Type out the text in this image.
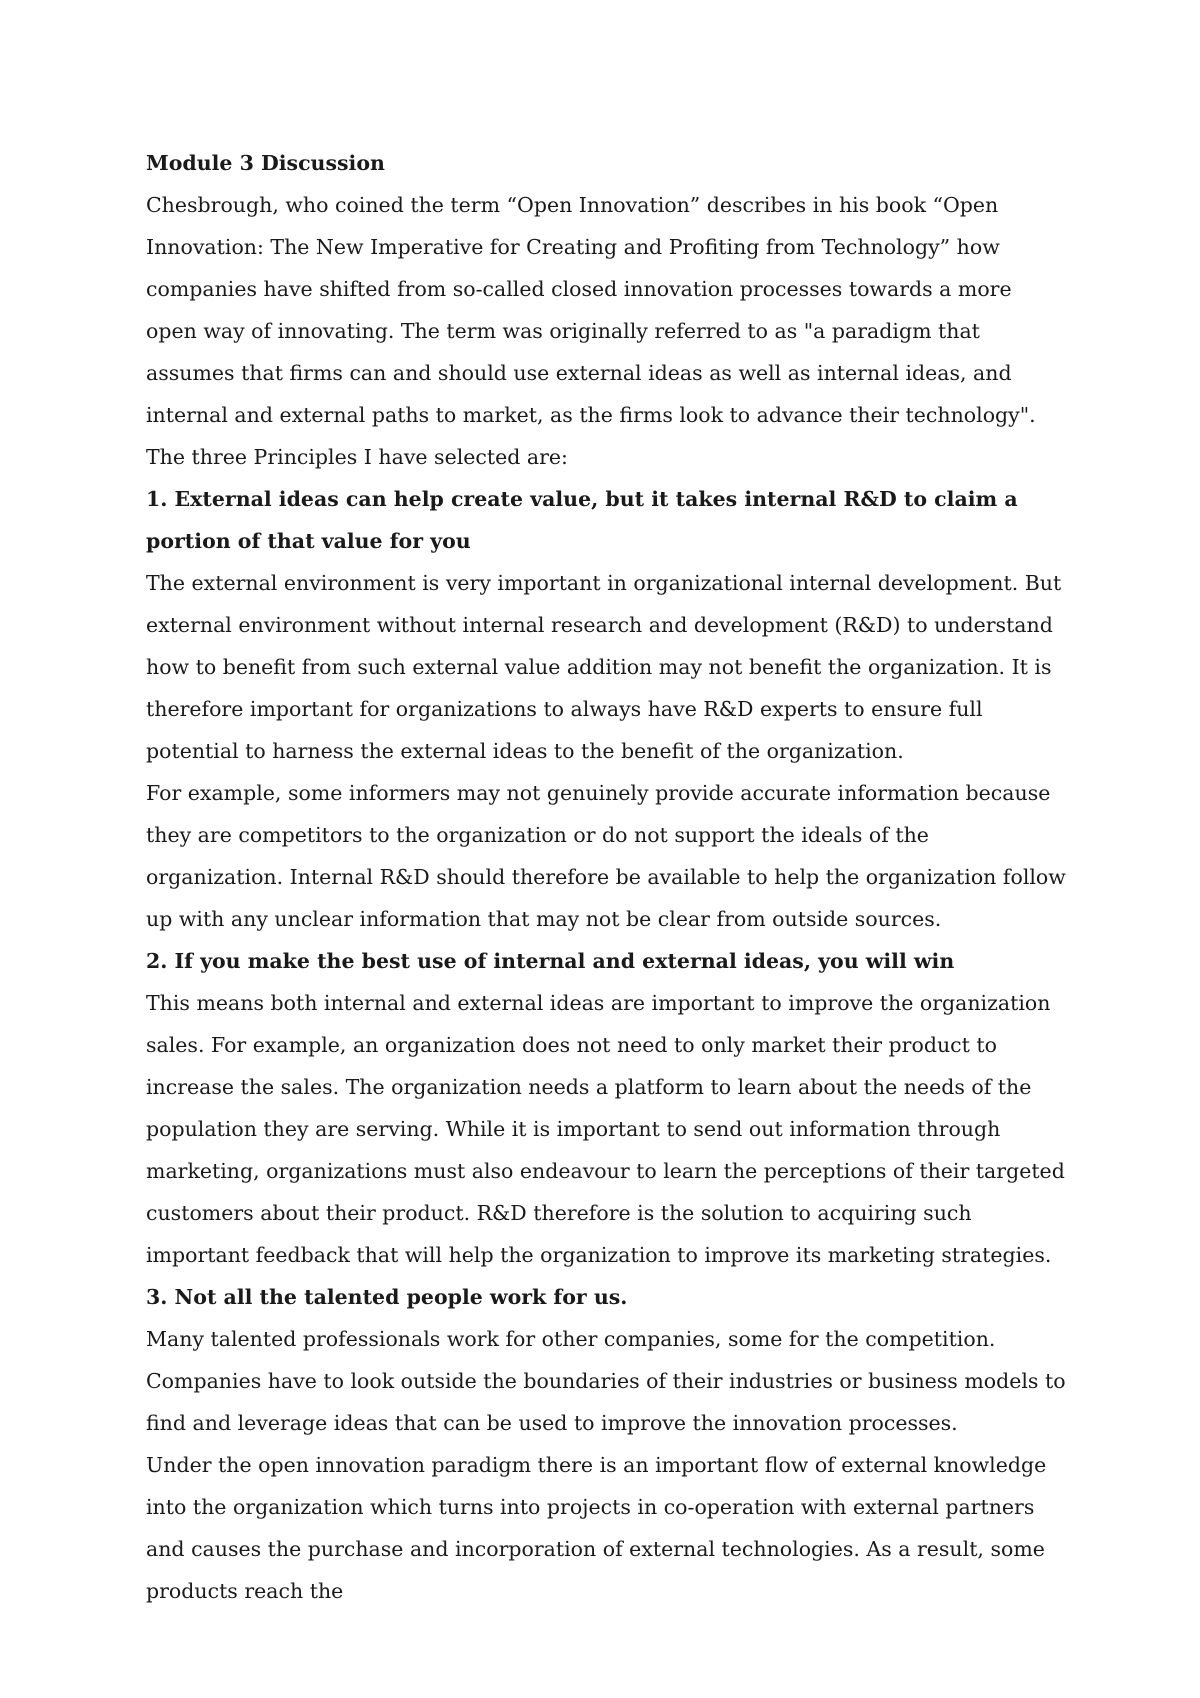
Module 3 Discussion

Chesbrough, who coined the term “Open Innovation” describes in his book “Open Innovation: The New Imperative for Creating and Profiting from Technology” how companies have shifted from so-called closed innovation processes towards a more open way of innovating. The term was originally referred to as "a paradigm that assumes that firms can and should use external ideas as well as internal ideas, and internal and external paths to market, as the firms look to advance their technology".

The three Principles I have selected are:

1. External ideas can help create value, but it takes internal R&D to claim a portion of that value for you

The external environment is very important in organizational internal development. But external environment without internal research and development (R&D) to understand how to benefit from such external value addition may not benefit the organization. It is therefore important for organizations to always have R&D experts to ensure full potential to harness the external ideas to the benefit of the organization.

For example, some informers may not genuinely provide accurate information because they are competitors to the organization or do not support the ideals of the organization. Internal R&D should therefore be available to help the organization follow up with any unclear information that may not be clear from outside sources.

2. If you make the best use of internal and external ideas, you will win

This means both internal and external ideas are important to improve the organization sales. For example, an organization does not need to only market their product to increase the sales. The organization needs a platform to learn about the needs of the population they are serving. While it is important to send out information through marketing, organizations must also endeavour to learn the perceptions of their targeted customers about their product. R&D therefore is the solution to acquiring such important feedback that will help the organization to improve its marketing strategies.

3. Not all the talented people work for us.

Many talented professionals work for other companies, some for the competition. Companies have to look outside the boundaries of their industries or business models to find and leverage ideas that can be used to improve the innovation processes.

Under the open innovation paradigm there is an important flow of external knowledge into the organization which turns into projects in co-operation with external partners and causes the purchase and incorporation of external technologies. As a result, some products reach the
